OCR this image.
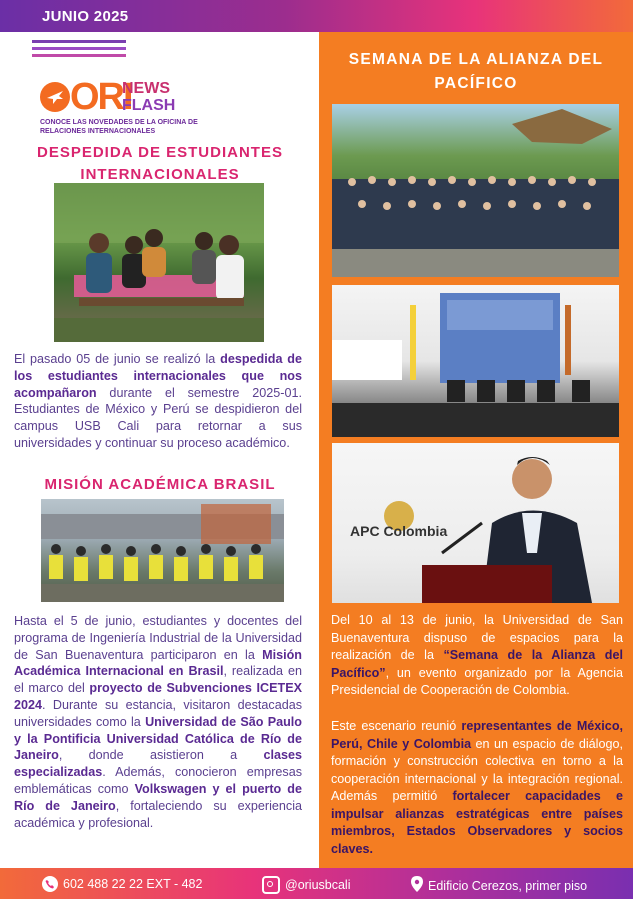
JUNIO 2025
ORI
NEWS
FLASH
CONOCE LAS NOVEDADES DE LA OFICINA DE RELACIONES INTERNACIONALES
DESPEDIDA DE ESTUDIANTES INTERNACIONALES
El pasado 05 de junio se realizó la despedida de los estudiantes internacionales que nos acompañaron durante el semestre 2025-01. Estudiantes de México y Perú se despidieron del campus USB Cali para retornar a sus universidades y continuar su proceso académico.
MISIÓN ACADÉMICA BRASIL
Hasta el 5 de junio, estudiantes y docentes del programa de Ingeniería Industrial de la Universidad de San Buenaventura participaron en la Misión Académica Internacional en Brasil, realizada en el marco del proyecto de Subvenciones ICETEX 2024. Durante su estancia, visitaron destacadas universidades como la Universidad de São Paulo y la Pontificia Universidad Católica de Río de Janeiro, donde asistieron a clases especializadas. Además, conocieron empresas emblemáticas como Volkswagen y el puerto de Río de Janeiro, fortaleciendo su experiencia académica y profesional.
SEMANA DE LA ALIANZA DEL PACÍFICO
APC Colombia
Del 10 al 13 de junio, la Universidad de San Buenaventura dispuso de espacios para la realización de la “Semana de la Alianza del Pacífico”, un evento organizado por la Agencia Presidencial de Cooperación de Colombia.
Este escenario reunió representantes de México, Perú, Chile y Colombia en un espacio de diálogo, formación y construcción colectiva en torno a la cooperación internacional y la integración regional. Además permitió fortalecer capacidades e impulsar alianzas estratégicas entre países miembros, Estados Observadores y socios claves.
602 488 22 22 EXT - 482	@oriusbcali	Edificio Cerezos, primer piso
